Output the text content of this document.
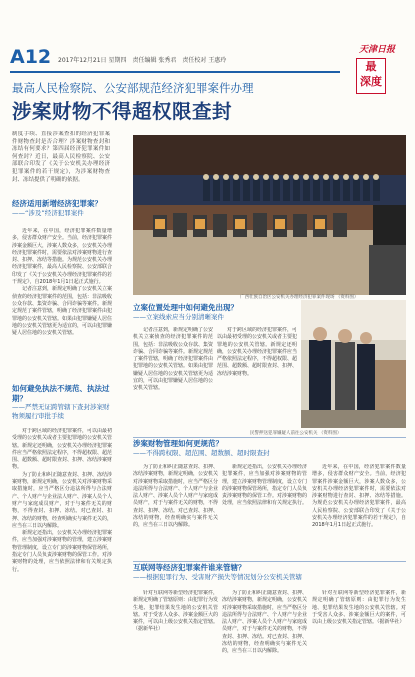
A12 2017年12月21日 星期四　责任编辑 张秀君　责任校对 王惠玲
天津日报
最
深度
最高人民检察院、公安部规范经济犯罪案件办理
涉案财物不得超权限查封

制度手续、直接涉案查扣的经济犯罪案件财物查封是否合理？涉案财物查封和冻结有何要求？第四届经济犯罪案件如何查封？近日，最高人民检察院、公安部联合印发了《关于公安机关办理经济犯罪案件的若干规定》，为涉案财物查封、冻结提供了明确的依据。

经济适用新增经济犯罪案？
——“涉及”经济犯罪案件

近年来，在中国，经济犯罪案件数量增多，侵害群众财产安全。当前，经济犯罪案件涉案金额巨大，涉案人数众多，公安机关办理经济犯罪案件时，需要依法对涉案财物进行查封、扣押、冻结等措施。为规范公安机关办理经济犯罪案件，最高人民检察院、公安部联合印发了《关于公安机关办理经济犯罪案件的若干规定》，自2018年1月1日起正式施行。

记者注意到，新规定明确了公安机关立案侦查的经济犯罪案件的范围，包括：非法吸收公众存款、集资诈骗、合同诈骗等案件。新规定规范了案件管辖，明确了经济犯罪案件由犯罪地的公安机关管辖。如果由犯罪嫌疑人居住地的公安机关管辖更为适宜的，可以由犯罪嫌疑人居住地的公安机关管辖。

如何避免执法不规范、执法过期？
——严禁无证跨管辖下查封涉案财物须履行审批手续

对于跨区域的经济犯罪案件，可以由最初受理的公安机关或者主要犯罪地的公安机关管辖。新规定还明确，公安机关办理经济犯罪案件应当严格依照法定程序，不得超权限、超范围、超数额、超时限查封、扣押、冻结涉案财物。

为了防止和纠正随意查封、扣押、冻结涉案财物，新规定明确，公安机关对涉案财物采取措施时，应当严格区分违法所得与合法财产、个人财产与企业法人财产、涉案人员个人财产与家庭成员财产，对于与案件无关的财物，不得查封、扣押、冻结。对已查封、扣押、冻结的财物，经查明确实与案件无关的，应当在三日以内解除。

新规定还指出，公安机关办理经济犯罪案件，应当加强对涉案财物的管理，建立涉案财物管理制度，设立专门的涉案财物保管场所，指定专门人员负责涉案财物的保管工作。对涉案财物的处理，应当依照法律和有关规定执行。

广西壮族自治区公安机关办理经济犯罪案件现场 （资料图）
立案位置处理中如何避免出现？
——立案线索应当分别清晰案件

记者注意到，新规定明确了公安机关立案侦查的经济犯罪案件的范围，包括：非法吸收公众存款、集资诈骗、合同诈骗等案件。新规定规范了案件管辖，明确了经济犯罪案件由犯罪地的公安机关管辖。如果由犯罪嫌疑人居住地的公安机关管辖更为适宜的，可以由犯罪嫌疑人居住地的公安机关管辖。

对于跨区域的经济犯罪案件，可以由最初受理的公安机关或者主要犯罪地的公安机关管辖。新规定还明确，公安机关办理经济犯罪案件应当严格依照法定程序，不得超权限、超范围、超数额、超时限查封、扣押、冻结涉案财物。

民警押送犯罪嫌疑人前往公安机关 （资料图）
涉案财物管理如何更规范？
——不得跨权限、超范围、超数额、超时限查封

为了防止和纠正随意查封、扣押、冻结涉案财物，新规定明确，公安机关对涉案财物采取措施时，应当严格区分违法所得与合法财产、个人财产与企业法人财产、涉案人员个人财产与家庭成员财产，对于与案件无关的财物，不得查封、扣押、冻结。对已查封、扣押、冻结的财物，经查明确实与案件无关的，应当在三日以内解除。

新规定还指出，公安机关办理经济犯罪案件，应当加强对涉案财物的管理，建立涉案财物管理制度，设立专门的涉案财物保管场所，指定专门人员负责涉案财物的保管工作。对涉案财物的处理，应当依照法律和有关规定执行。

近年来，在中国，经济犯罪案件数量增多，侵害群众财产安全。当前，经济犯罪案件涉案金额巨大，涉案人数众多，公安机关办理经济犯罪案件时，需要依法对涉案财物进行查封、扣押、冻结等措施。为规范公安机关办理经济犯罪案件，最高人民检察院、公安部联合印发了《关于公安机关办理经济犯罪案件的若干规定》，自2018年1月1日起正式施行。

互联网等经济犯罪案件谁来管辖？
——根据犯罪行为、受害财产损失等情况划分公安机关管辖

针对互联网等新型经济犯罪案件，新规定明确了管辖原则：由犯罪行为发生地、犯罪结果发生地的公安机关管辖。对于受害人众多、涉案金额巨大的案件，可以由上级公安机关指定管辖。（据新华社）

为了防止和纠正随意查封、扣押、冻结涉案财物，新规定明确，公安机关对涉案财物采取措施时，应当严格区分违法所得与合法财产、个人财产与企业法人财产、涉案人员个人财产与家庭成员财产，对于与案件无关的财物，不得查封、扣押、冻结。对已查封、扣押、冻结的财物，经查明确实与案件无关的，应当在三日以内解除。

针对互联网等新型经济犯罪案件，新规定明确了管辖原则：由犯罪行为发生地、犯罪结果发生地的公安机关管辖。对于受害人众多、涉案金额巨大的案件，可以由上级公安机关指定管辖。（据新华社）
